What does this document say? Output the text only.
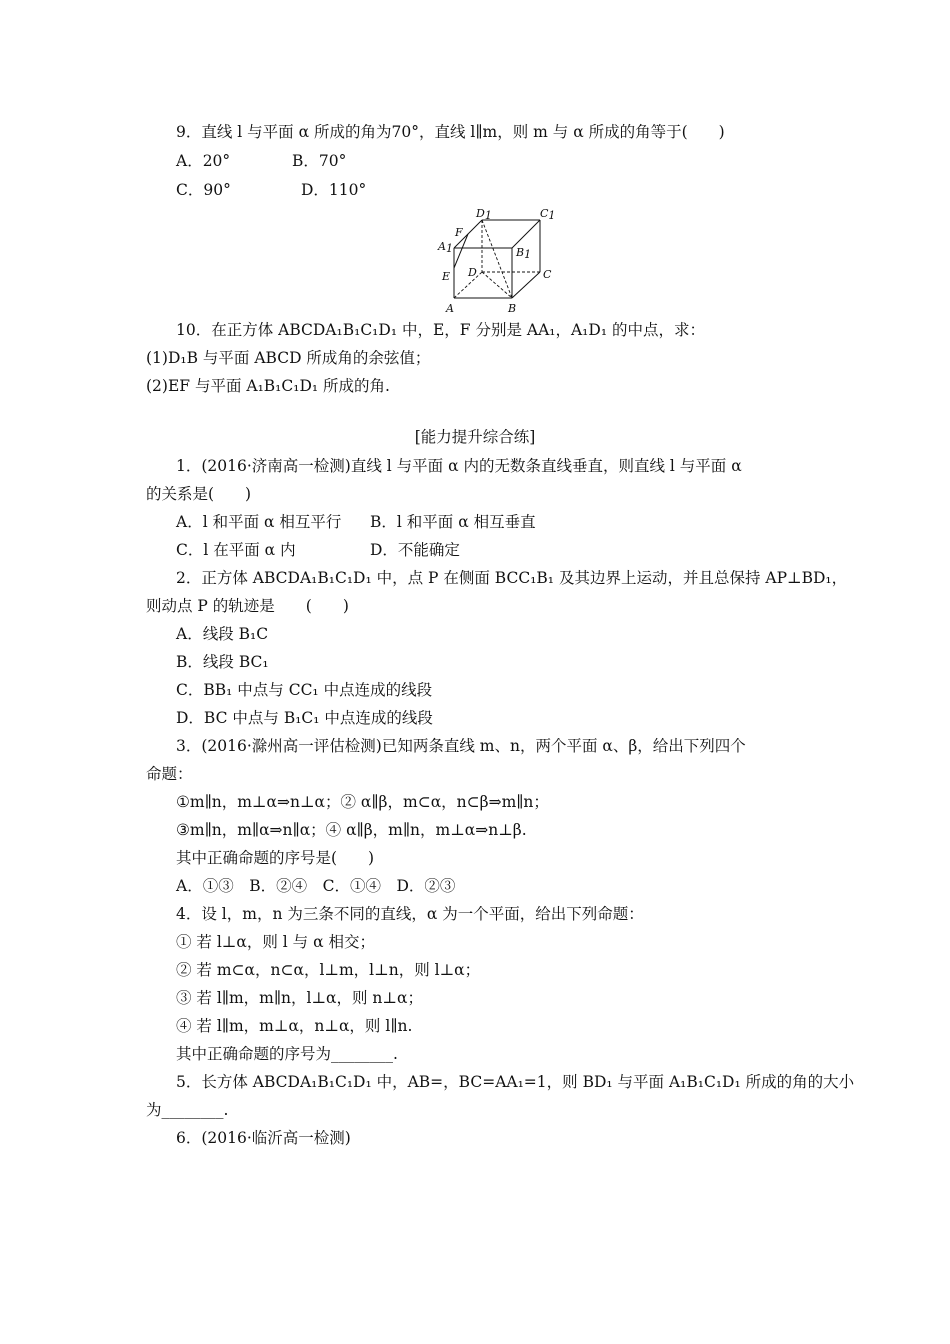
9．直线 l 与平面 α 所成的角为70°，直线 l∥m，则 m 与 α 所成的角等于(　　)
A．20°	B．70°
C．90°	D．110°
D1	C1
A1	B1
F
E D	C
A	B
10．在正方体 ABCDA₁B₁C₁D₁ 中，E，F 分别是 AA₁，A₁D₁ 的中点，求：
(1)D₁B 与平面 ABCD 所成角的余弦值；
(2)EF 与平面 A₁B₁C₁D₁ 所成的角.
[能力提升综合练]
1．(2016·济南高一检测)直线 l 与平面 α 内的无数条直线垂直，则直线 l 与平面 α
的关系是(　　)
A．l 和平面 α 相互平行 B．l 和平面 α 相互垂直
C．l 在平面 α 内	D．不能确定
2．正方体 ABCDA₁B₁C₁D₁ 中，点 P 在侧面 BCC₁B₁ 及其边界上运动，并且总保持 AP⊥BD₁，
则动点 P 的轨迹是　　(　　)
A．线段 B₁C
B．线段 BC₁
C．BB₁ 中点与 CC₁ 中点连成的线段
D．BC 中点与 B₁C₁ 中点连成的线段
3．(2016·滁州高一评估检测)已知两条直线 m、n，两个平面 α、β，给出下列四个
命题：
①m∥n，m⊥α⇒n⊥α；② α∥β，m⊂α，n⊂β⇒m∥n；
③m∥n，m∥α⇒n∥α；④ α∥β，m∥n，m⊥α⇒n⊥β.
其中正确命题的序号是(　　)
A．①③　B．②④　C．①④　D．②③
4．设 l，m，n 为三条不同的直线，α 为一个平面，给出下列命题：
① 若 l⊥α，则 l 与 α 相交；
② 若 m⊂α，n⊂α，l⊥m，l⊥n，则 l⊥α；
③ 若 l∥m，m∥n，l⊥α，则 n⊥α；
④ 若 l∥m，m⊥α，n⊥α，则 l∥n.
其中正确命题的序号为________.
5．长方体 ABCDA₁B₁C₁D₁ 中，AB=，BC=AA₁=1，则 BD₁ 与平面 A₁B₁C₁D₁ 所成的角的大小
为________.
6．(2016·临沂高一检测)
